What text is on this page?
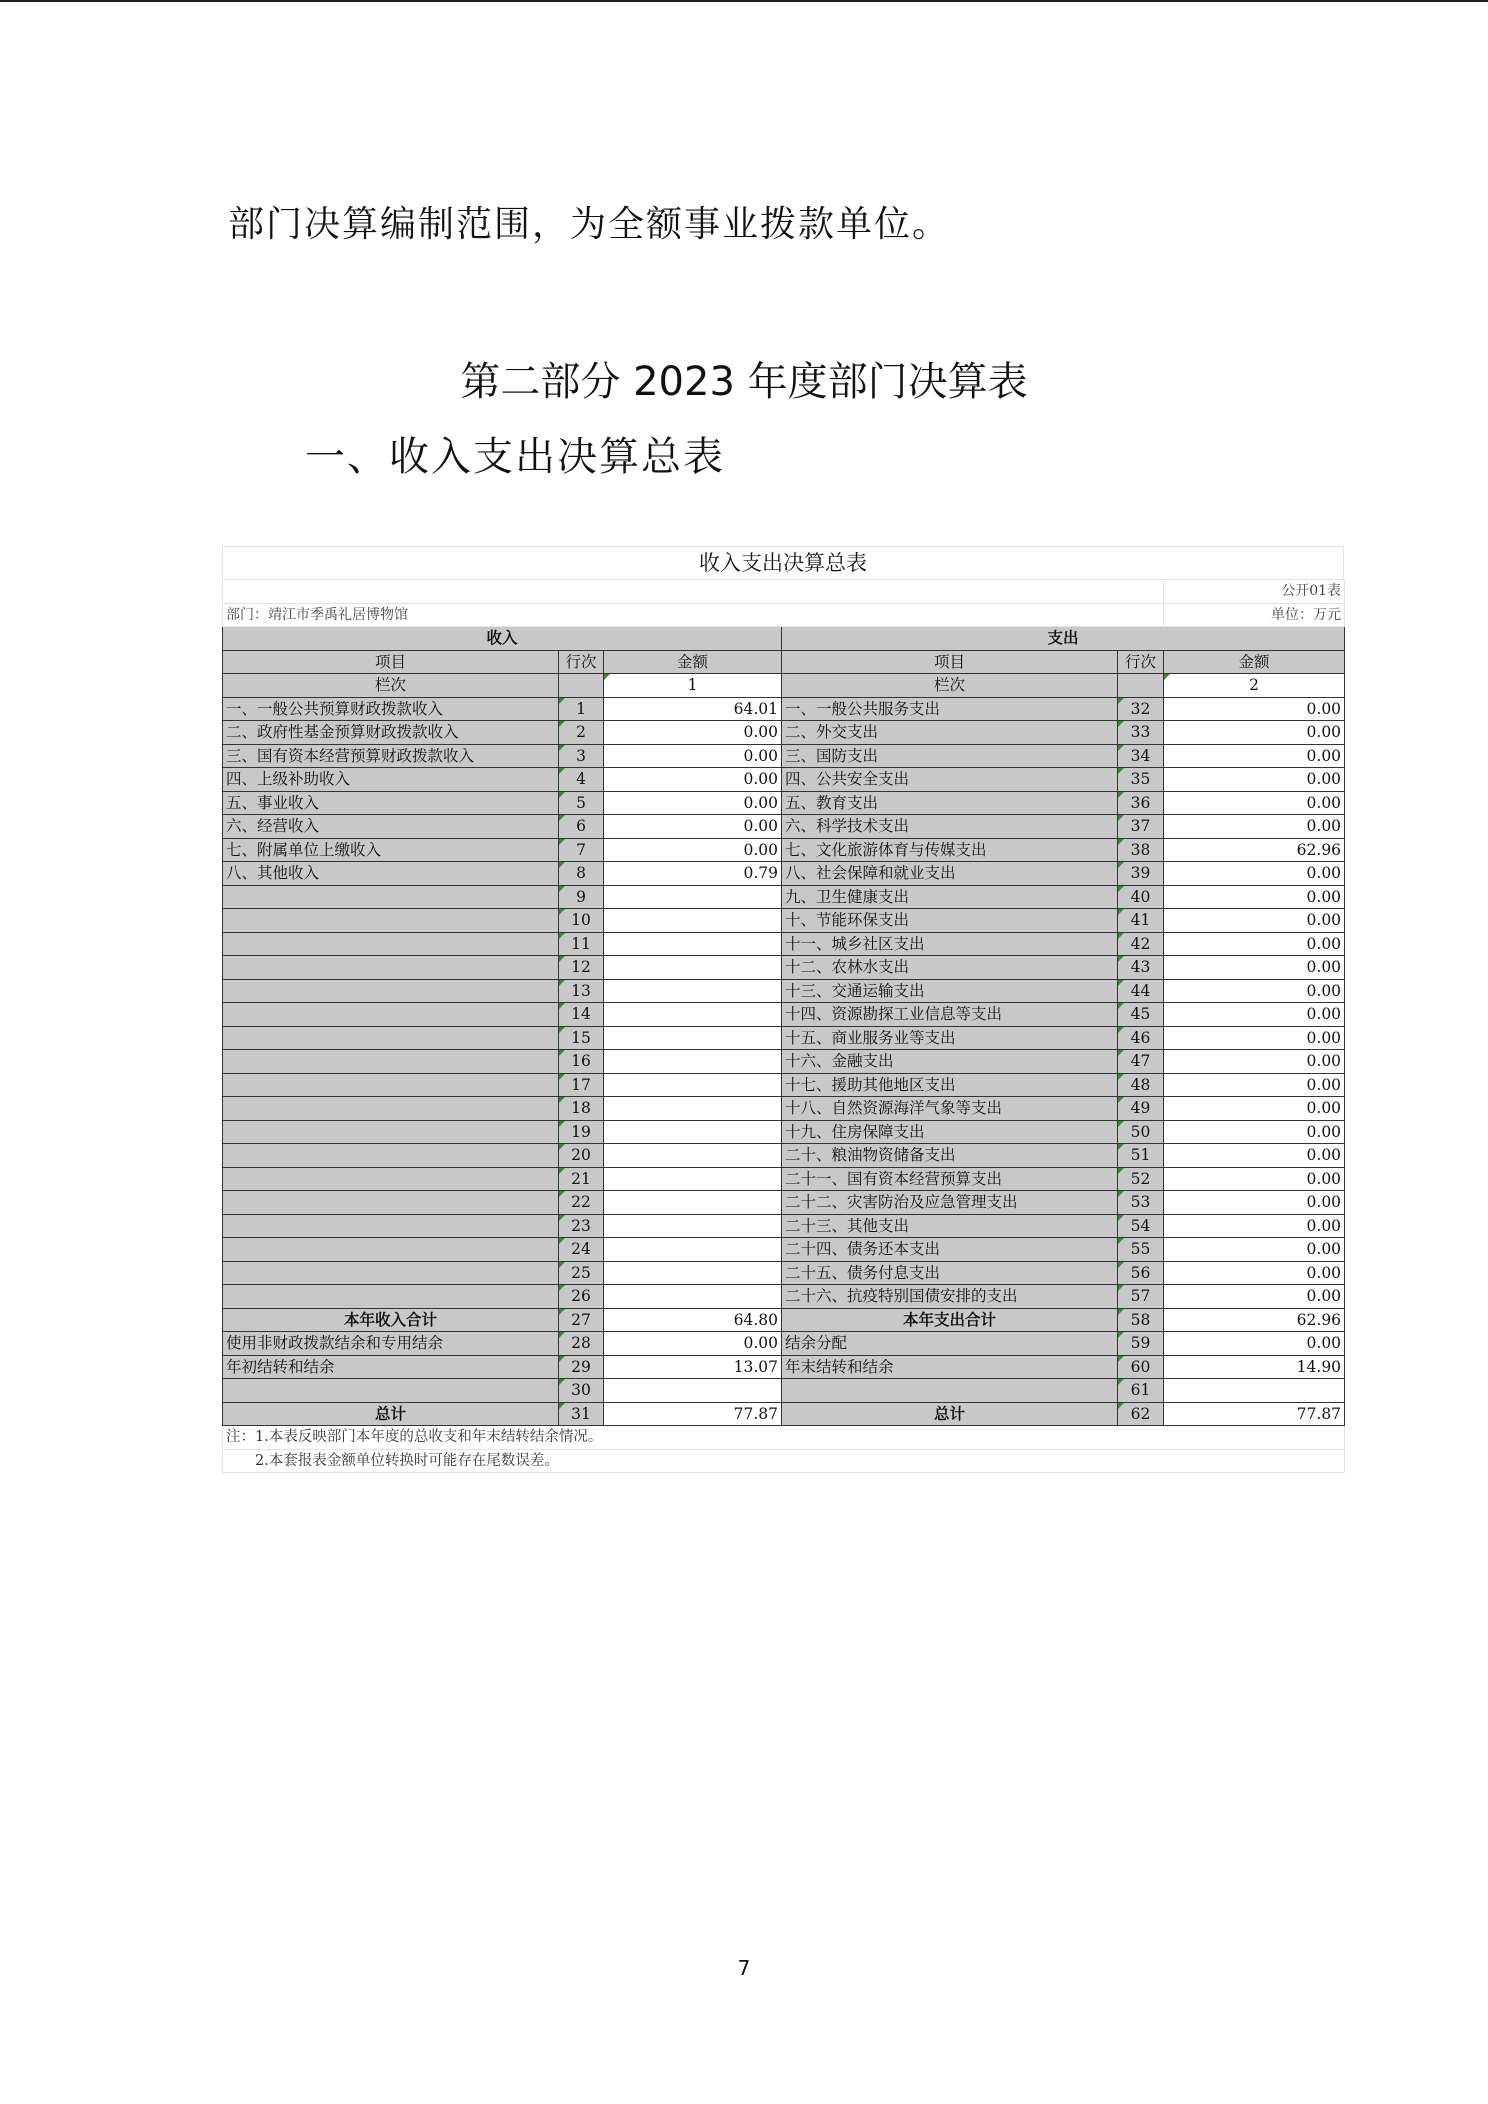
部门决算编制范围，为全额事业拨款单位。
第二部分 2023 年度部门决算表
一、收入支出决算总表
收入支出决算总表
					公开01表
部门：靖江市季禹礼居博物馆					单位：万元
收入			支出		
项目	行次	金额	项目	行次	金额
栏次		1	栏次		2
一、一般公共预算财政拨款收入	1	64.01	一、一般公共服务支出	32	0.00
二、政府性基金预算财政拨款收入	2	0.00	二、外交支出	33	0.00
三、国有资本经营预算财政拨款收入	3	0.00	三、国防支出	34	0.00
四、上级补助收入	4	0.00	四、公共安全支出	35	0.00
五、事业收入	5	0.00	五、教育支出	36	0.00
六、经营收入	6	0.00	六、科学技术支出	37	0.00
七、附属单位上缴收入	7	0.00	七、文化旅游体育与传媒支出	38	62.96
八、其他收入	8	0.79	八、社会保障和就业支出	39	0.00
	9		九、卫生健康支出	40	0.00
	10		十、节能环保支出	41	0.00
	11		十一、城乡社区支出	42	0.00
	12		十二、农林水支出	43	0.00
	13		十三、交通运输支出	44	0.00
	14		十四、资源勘探工业信息等支出	45	0.00
	15		十五、商业服务业等支出	46	0.00
	16		十六、金融支出	47	0.00
	17		十七、援助其他地区支出	48	0.00
	18		十八、自然资源海洋气象等支出	49	0.00
	19		十九、住房保障支出	50	0.00
	20		二十、粮油物资储备支出	51	0.00
	21		二十一、国有资本经营预算支出	52	0.00
	22		二十二、灾害防治及应急管理支出	53	0.00
	23		二十三、其他支出	54	0.00
	24		二十四、债务还本支出	55	0.00
	25		二十五、债务付息支出	56	0.00
	26		二十六、抗疫特别国债安排的支出	57	0.00
本年收入合计	27	64.80	本年支出合计	58	62.96
使用非财政拨款结余和专用结余	28	0.00	结余分配	59	0.00
年初结转和结余	29	13.07	年末结转和结余	60	14.90
	30			61	
总计	31	77.87	总计	62	77.87
注：1.本表反映部门本年度的总收支和年末结转结余情况。					
　　2.本套报表金额单位转换时可能存在尾数误差。					
7
